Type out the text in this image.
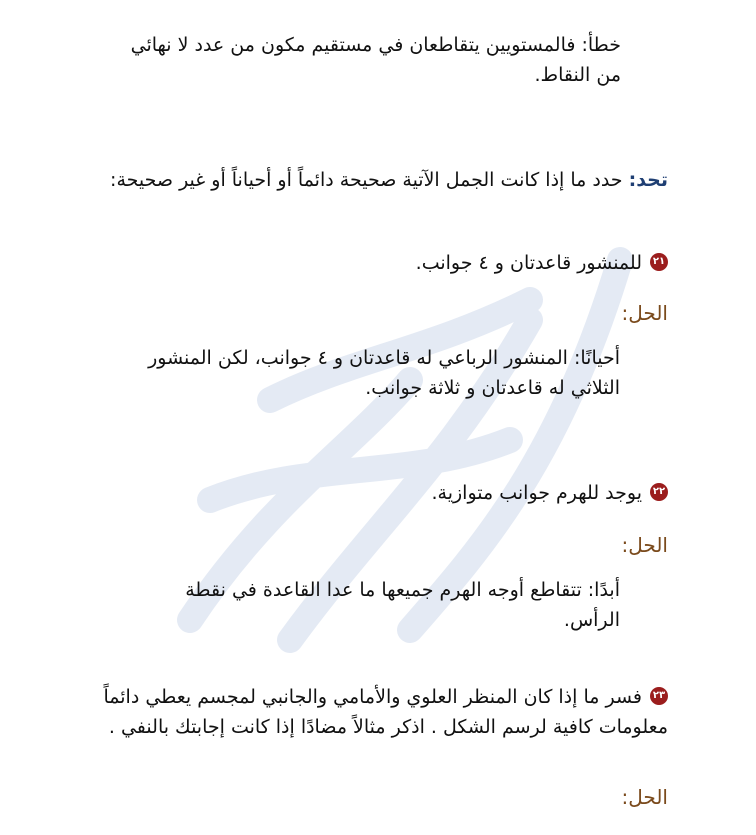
خطأ: فالمستويين يتقاطعان في مستقيم مكون من عدد لا نهائي من النقاط.
تحد: حدد ما إذا كانت الجمل الآتية صحيحة دائماً أو أحياناً أو غير صحيحة:
٢١للمنشور قاعدتان و ٤ جوانب.
الحل:
أحيانًا: المنشور الرباعي له قاعدتان و ٤ جوانب، لكن المنشور الثلاثي له قاعدتان و ثلاثة جوانب.
٢٢يوجد للهرم جوانب متوازية.
الحل:
أبدًا: تتقاطع أوجه الهرم جميعها ما عدا القاعدة في نقطة الرأس.
٢٣فسر ما إذا كان المنظر العلوي والأمامي والجانبي لمجسم يعطي دائماً معلومات كافية لرسم الشكل . اذكر مثالاً مضادًا إذا كانت إجابتك بالنفي .
الحل:
